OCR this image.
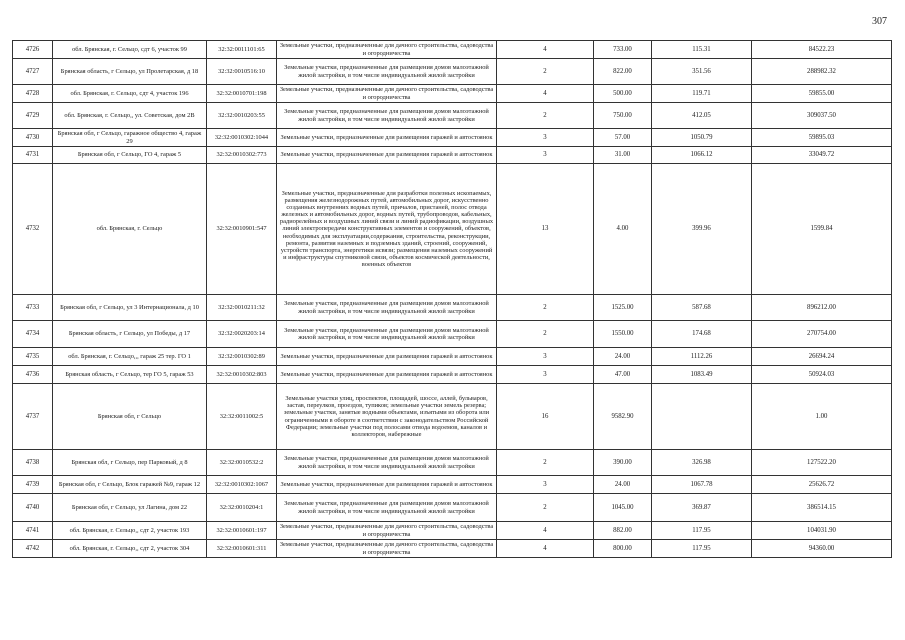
307
4726	обл. Брянская, г. Сельцо, сдт 6, участок 99	32:32:0011101:65	Земельные участки, предназначенные для дачного строительства, садоводства и огородничества	4	733.00	115.31	84522.23
4727	Брянская область, г Сельцо, ул Пролетарская, д 18	32:32:0010516:10	Земельные участки, предназначенные для размещения домов малоэтажной жилой застройки, в том числе индивидуальной жилой застройки	2	822.00	351.56	288982.32
4728	обл. Брянская, г. Сельцо, сдт 4, участок 196	32:32:0010701:198	Земельные участки, предназначенные для дачного строительства, садоводства и огородничества	4	500.00	119.71	59855.00
4729	обл. Брянская, г. Сельцо,, ул. Советская, дом 2В	32:32:0010203:55	Земельные участки, предназначенные для размещения домов малоэтажной жилой застройки, в том числе индивидуальной жилой застройки	2	750.00	412.05	309037.50
4730	Брянская обл, г Сельцо, гаражное общество 4, гараж 29	32:32:0010302:1044	Земельные участки, предназначенные для размещения гаражей и автостоянок	3	57.00	1050.79	59895.03
4731	Брянская обл, г Сельцо, ГО 4, гараж 5	32:32:0010302:773	Земельные участки, предназначенные для размещения гаражей и автостоянок	3	31.00	1066.12	33049.72
4732	обл. Брянская, г. Сельцо	32:32:0010901:547	Земельные участки, предназначенные для разработки полезных ископаемых, размещения железнодорожных путей, автомобильных дорог, искусственно созданных внутренних водных путей, причалов, пристаней, полос отвода железных и автомобильных дорог, водных путей, трубопроводов, кабельных, радиорелейных и воздушных линий связи и линий радиофикации, воздушных линий электропередачи конструктивных элементов и сооружений, объектов, необходимых для эксплуатации,содержания, строительства, реконструкции, ремонта, развития наземных и подземных зданий, строений, сооружений, устройств транспорта, энергетики исвязи; размещения наземных сооружений и инфраструктуры спутниковой связи, объектов космической деятельности, военных объектов	13	4.00	399.96	1599.84
4733	Брянская обл, г Сельцо, ул 3 Интернационала, д 10	32:32:0010211:32	Земельные участки, предназначенные для размещения домов малоэтажной жилой застройки, в том числе индивидуальной жилой застройки	2	1525.00	587.68	896212.00
4734	Брянская область, г Сельцо, ул Победы, д 17	32:32:0020203:14	Земельные участки, предназначенные для размещения домов малоэтажной жилой застройки, в том числе индивидуальной жилой застройки	2	1550.00	174.68	270754.00
4735	обл. Брянская, г. Сельцо,,, гараж 25 тер. ГО 1	32:32:0010302:89	Земельные участки, предназначенные для размещения гаражей и автостоянок	3	24.00	1112.26	26694.24
4736	Брянская область, г Сельцо, тер ГО 5, гараж 53	32:32:0010302:803	Земельные участки, предназначенные для размещения гаражей и автостоянок	3	47.00	1083.49	50924.03
4737	Брянская обл, г Сельцо	32:32:0011002:5	Земельные участки улиц, проспектов, площадей, шоссе, аллей, бульваров, застав, переулков, проездов, тупиков; земельные участки земель резерва; земельные участки, занятые водными объектами, изъятыми из оборота или ограниченными в обороте в соответствии с законодательством Российской Федерации; земельные участки под полосами отвода водоемов, каналов и коллекторов, набережные	16	9582.90		1.00
4738	Брянская обл, г Сельцо, пер Парковый, д 8	32:32:0010532:2	Земельные участки, предназначенные для размещения домов малоэтажной жилой застройки, в том числе индивидуальной жилой застройки	2	390.00	326.98	127522.20
4739	Брянская обл, г Сельцо, Блок гаражей №9, гараж 12	32:32:0010302:1067	Земельные участки, предназначенные для размещения гаражей и автостоянок	3	24.00	1067.78	25626.72
4740	Брянская обл, г Сельцо, ул Лагина, дом 22	32:32:0010204:1	Земельные участки, предназначенные для размещения домов малоэтажной жилой застройки, в том числе индивидуальной жилой застройки	2	1045.00	369.87	386514.15
4741	обл. Брянская, г. Сельцо,, сдт 2, участок 193	32:32:0010601:197	Земельные участки, предназначенные для дачного строительства, садоводства и огородничества	4	882.00	117.95	104031.90
4742	обл. Брянская, г. Сельцо,, сдт 2, участок 304	32:32:0010601:311	Земельные участки, предназначенные для дачного строительства, садоводства и огородничества	4	800.00	117.95	94360.00
